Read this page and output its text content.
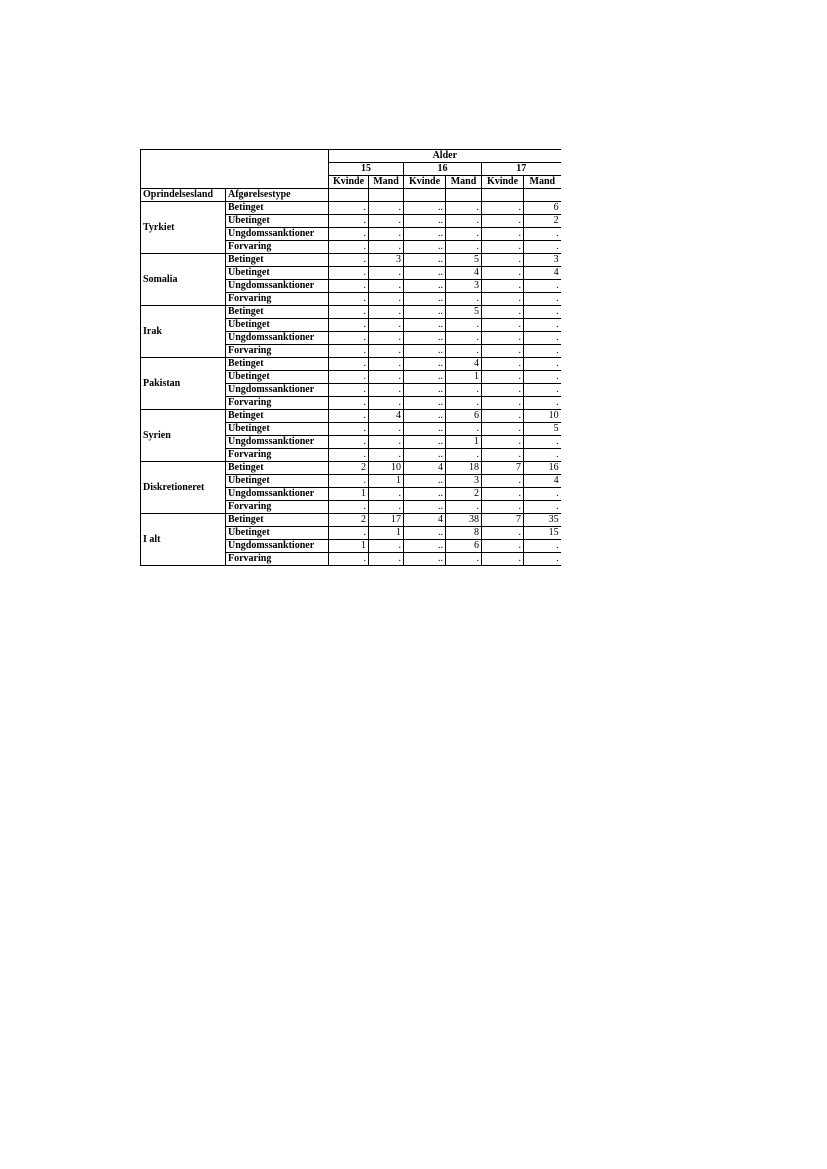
		Alder					
		15		16		17	
		Kvinde	Mand	Kvinde	Mand	Kvinde	Mand
Oprindelsesland	Afgørelsestype						
Tyrkiet	Betinget	.	.	..	.	.	6
	Ubetinget	.	.	..	.	.	2
	Ungdomssanktioner	.	.	..	.	.	.
	Forvaring	.	.	..	.	.	.
Somalia	Betinget	.	3	..	5	.	3
	Ubetinget	.	.	..	4	.	4
	Ungdomssanktioner	.	.	..	3	.	.
	Forvaring	.	.	..	.	.	.
Irak	Betinget	.	.	..	5	.	.
	Ubetinget	.	.	..	.	.	.
	Ungdomssanktioner	.	.	..	.	.	.
	Forvaring	.	.	..	.	.	.
Pakistan	Betinget	.	.	..	4	.	.
	Ubetinget	.	.	..	1	.	.
	Ungdomssanktioner	.	.	..	.	.	.
	Forvaring	.	.	..	.	.	.
Syrien	Betinget	.	4	..	6	.	10
	Ubetinget	.	.	..	.	.	5
	Ungdomssanktioner	.	.	..	1	.	.
	Forvaring	.	.	..	.	.	.
Diskretioneret	Betinget	2	10	4	18	7	16
	Ubetinget	.	1	..	3	.	4
	Ungdomssanktioner	1	.	..	2	.	.
	Forvaring	.	.	..	.	.	.
I alt	Betinget	2	17	4	38	7	35
	Ubetinget	.	1	..	8	.	15
	Ungdomssanktioner	1	.	..	6	.	.
	Forvaring	.	.	..	.	.	.
